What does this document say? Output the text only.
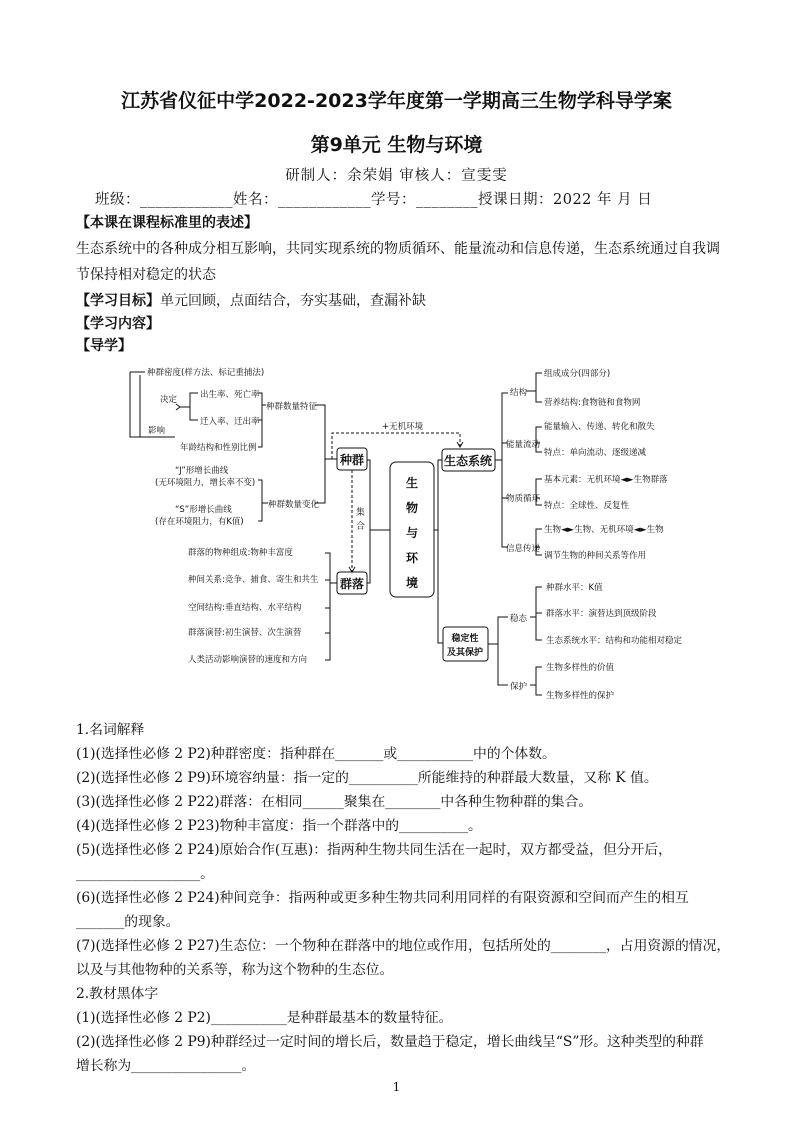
江苏省仪征中学2022-2023学年度第一学期高三生物学科导学案
第9单元 生物与环境
研制人：余荣娟 审核人：宣雯雯
班级：____________姓名：____________学号：________授课日期：2022 年 月 日
【本课在课程标准里的表述】
生态系统中的各种成分相互影响，共同实现系统的物质循环、能量流动和信息传递，生态系统通过自我调
节保持相对稳定的状态
【学习目标】单元回顾，点面结合，夯实基础，查漏补缺
【学习内容】
【导学】
生
物
与
环
境
种群
群落
集
合
+无机环境
生态系统
稳定性
及其保护
种群数量特征
出生率、死亡率
迁入率、迁出率
年龄结构和性别比例
决定
种群密度(样方法、标记重捕法)
影响
种群数量变化
“J”形增长曲线
(无环境阻力，增长率不变)
“S”形增长曲线
(存在环境阻力，有K值)
群落的物种组成:物种丰富度
种间关系:竞争、捕食、寄生和共生
空间结构:垂直结构、水平结构
群落演替:初生演替、次生演替
人类活动影响演替的速度和方向
结构
能量流动
物质循环
信息传递
组成成分(四部分)
营养结构:食物链和食物网
能量输入、传递、转化和散失
特点：单向流动、逐级递减
基本元素：无机环境◄►生物群落
特点：全球性、反复性
生物◄►生物、无机环境◄►生物
调节生物的种间关系等作用
稳态
保护
种群水平：K值
群落水平：演替达到顶级阶段
生态系统水平：结构和功能相对稳定
生物多样性的价值
生物多样性的保护
1.名词解释
(1)(选择性必修 2 P2)种群密度：指种群在_______或___________中的个体数。
(2)(选择性必修 2 P9)环境容纳量：指一定的__________所能维持的种群最大数量，又称 K 值。
(3)(选择性必修 2 P22)群落：在相同______聚集在________中各种生物种群的集合。
(4)(选择性必修 2 P23)物种丰富度：指一个群落中的__________。
(5)(选择性必修 2 P24)原始合作(互惠)：指两种生物共同生活在一起时，双方都受益，但分开后，
__________________。
(6)(选择性必修 2 P24)种间竞争：指两种或更多种生物共同利用同样的有限资源和空间而产生的相互
_______的现象。
(7)(选择性必修 2 P27)生态位：一个物种在群落中的地位或作用，包括所处的________，占用资源的情况，
以及与其他物种的关系等，称为这个物种的生态位。
2.教材黑体字
(1)(选择性必修 2 P2)___________是种群最基本的数量特征。
(2)(选择性必修 2 P9)种群经过一定时间的增长后，数量趋于稳定，增长曲线呈“S”形。这种类型的种群
增长称为________________。
1
